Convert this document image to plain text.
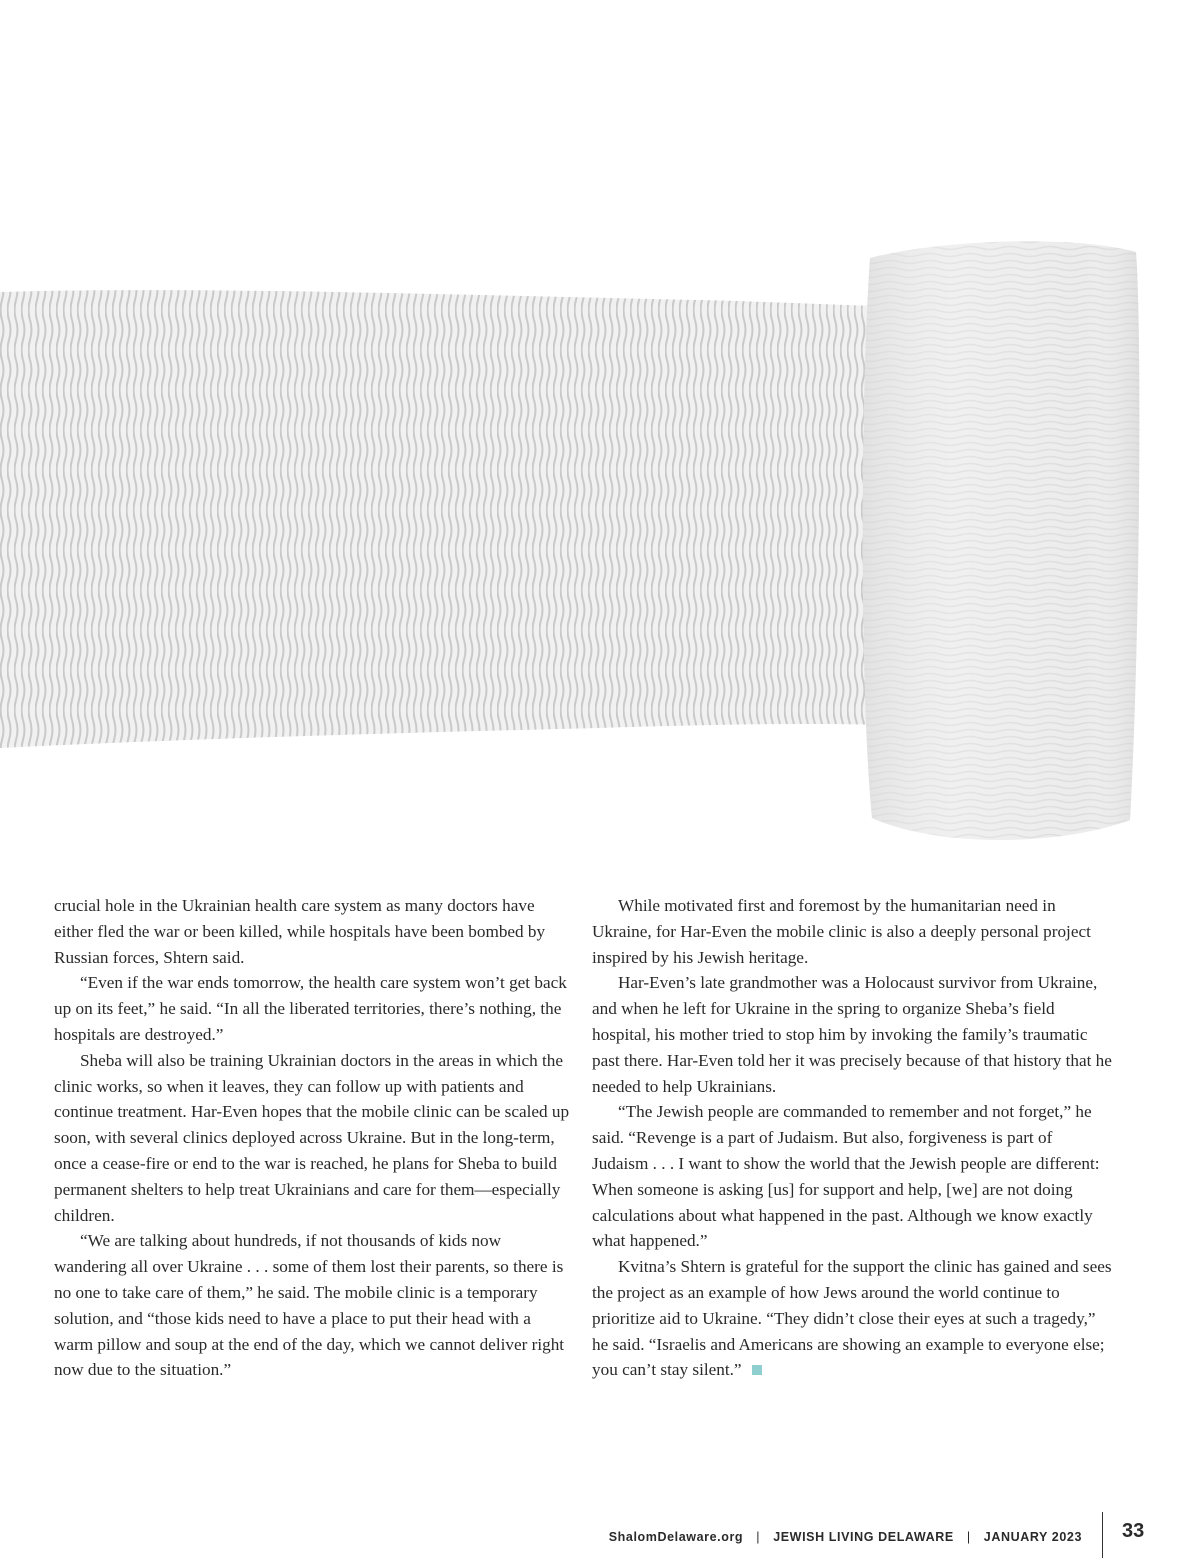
crucial hole in the Ukrainian health care system as many doctors have either fled the war or been killed, while hospitals have been bombed by Russian forces, Shtern said.

“Even if the war ends tomorrow, the health care system won’t get back up on its feet,” he said. “In all the liberated territories, there’s nothing, the hospitals are destroyed.”

Sheba will also be training Ukrainian doctors in the areas in which the clinic works, so when it leaves, they can follow up with patients and continue treatment. Har-Even hopes that the mobile clinic can be scaled up soon, with several clinics deployed across Ukraine. But in the long-term, once a cease-fire or end to the war is reached, he plans for Sheba to build permanent shelters to help treat Ukrainians and care for them—especially children.

“We are talking about hundreds, if not thousands of kids now wandering all over Ukraine . . . some of them lost their parents, so there is no one to take care of them,” he said. The mobile clinic is a temporary solution, and “those kids need to have a place to put their head with a warm pillow and soup at the end of the day, which we cannot deliver right now due to the situation.”

While motivated first and foremost by the humanitarian need in Ukraine, for Har-Even the mobile clinic is also a deeply personal project inspired by his Jewish heritage.

Har-Even’s late grandmother was a Holocaust survivor from Ukraine, and when he left for Ukraine in the spring to organize Sheba’s field hospital, his mother tried to stop him by invoking the family’s traumatic past there. Har-Even told her it was precisely because of that history that he needed to help Ukrainians.

“The Jewish people are commanded to remember and not forget,” he said. “Revenge is a part of Judaism. But also, forgiveness is part of Judaism . . . I want to show the world that the Jewish people are different: When someone is asking [us] for support and help, [we] are not doing calculations about what happened in the past. Although we know exactly what happened.”

Kvitna’s Shtern is grateful for the support the clinic has gained and sees the project as an example of how Jews around the world continue to prioritize aid to Ukraine. “They didn’t close their eyes at such a tragedy,” he said. “Israelis and Americans are showing an example to everyone else; you can’t stay silent.”

ShalomDelaware.org | JEWISH LIVING DELAWARE | JANUARY 2023 33
